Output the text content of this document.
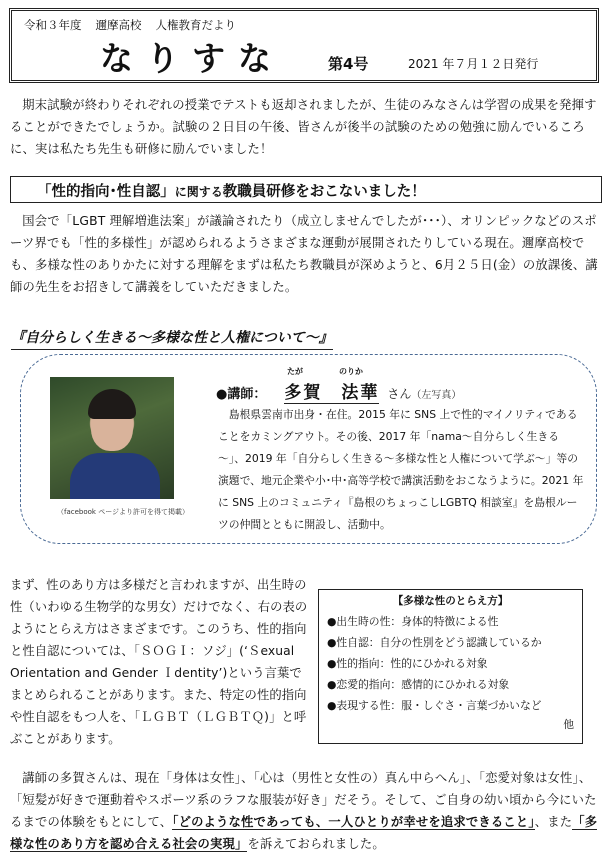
令和３年度 邇摩高校 人権教育だより
なりすな	第4号	2021 年７月１２日発行

期末試験が終わりそれぞれの授業でテストも返却されましたが、生徒のみなさんは学習の成果を発揮することができたでしょうか。試験の２日目の午後、皆さんが後半の試験のための勉強に励んでいるころに、実は私たち先生も研修に励んでいました！

「性的指向･性自認」に関する教職員研修をおこないました！

国会で「LGBT 理解増進法案」が議論されたり（成立しませんでしたが･･･）、オリンピックなどのスポーツ界でも「性的多様性」が認められるようさまざまな運動が展開されたりしている現在。邇摩高校でも、多様な性のありかたに対する理解をまずは私たち教職員が深めようと、6月２５日(金）の放課後、講師の先生をお招きして講義をしていただきました。

『自分らしく生きる～多様な性と人権について～』
（facebook ページより許可を得て掲載）
たが	のりか
●講師： 多賀　法華 さん（左写真）

島根県雲南市出身・在住。2015 年に SNS 上で性的マイノリティであることをカミングアウト。その後、2017 年「nama～自分らしく生きる～」、2019 年「自分らしく生きる～多様な性と人権について学ぶ～」等の演題で、地元企業や小･中･高等学校で講演活動をおこなうように。2021 年に SNS 上のコミュニティ『島根のちょっこしLGBTQ 相談室』を島根ルーツの仲間とともに開設し、活動中。

まず、性のあり方は多様だと言われますが、出生時の性（いわゆる生物学的な男女）だけでなく、右の表のようにとらえ方はさまざまです。このうち、性的指向と性自認については、「ＳＯＧＩ：ソジ」(‘Ｓexual Orientation and Gender Ｉdentity’)という言葉でまとめられることがあります。また、特定の性的指向や性自認をもつ人を、「ＬＧＢＴ（ＬＧＢＴＱ)」と呼ぶことがあります。

【多様な性のとらえ方】
●出生時の性：身体的特徴による性
●性自認：自分の性別をどう認識しているか
●性的指向：性的にひかれる対象
●恋愛的指向：感情的にひかれる対象
●表現する性：服・しぐさ・言葉づかいなど
他

講師の多賀さんは、現在「身体は女性」、「心は（男性と女性の）真ん中らへん」、「恋愛対象は女性」、「短髪が好きで運動着やスポーツ系のラフな服装が好き」だそう。そして、ご自身の幼い頃から今にいたるまでの体験をもとにして、「どのような性であっても、一人ひとりが幸せを追求できること」、また「多様な性のあり方を認め合える社会の実現」を訴えておられました。
